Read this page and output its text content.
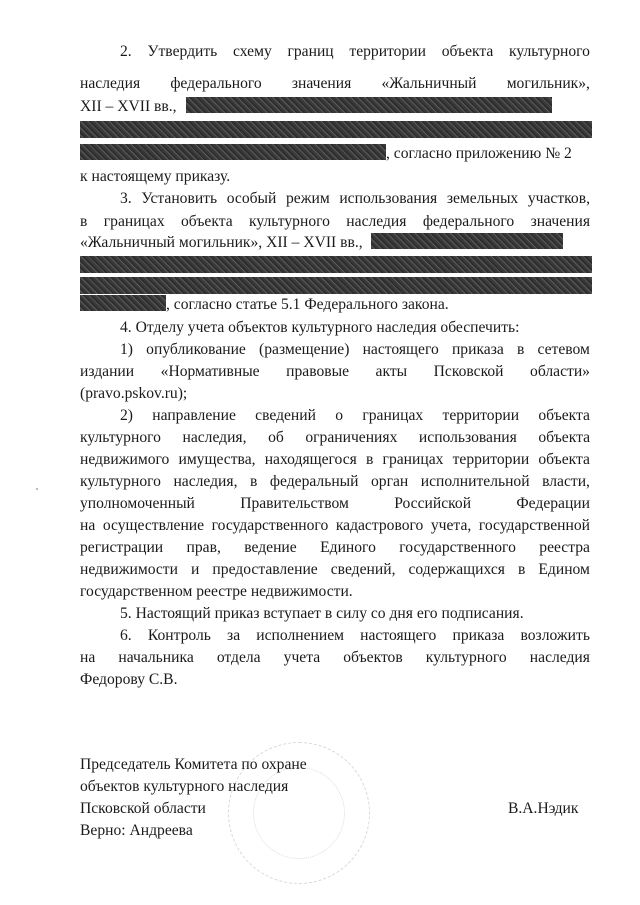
2. Утвердить схему границ территории объекта культурного
наследия федерального значения «Жальничный могильник»,
XII – XVII вв.,
, согласно приложению № 2
к настоящему приказу.
3. Установить особый режим использования земельных участков,
в границах объекта культурного наследия федерального значения
«Жальничный могильник», XII – XVII вв.,
, согласно статье 5.1 Федерального закона.
4. Отделу учета объектов культурного наследия обеспечить:
1) опубликование (размещение) настоящего приказа в сетевом
издании «Нормативные правовые акты Псковской области»
(pravo.pskov.ru);
2) направление сведений о границах территории объекта
культурного наследия, об ограничениях использования объекта
недвижимого имущества, находящегося в границах территории объекта
культурного наследия, в федеральный орган исполнительной власти,
уполномоченный	Правительством	Российской	Федерации
на осуществление государственного кадастрового учета, государственной
регистрации прав, ведение Единого государственного реестра
недвижимости и предоставление сведений, содержащихся в Едином
государственном реестре недвижимости.
5. Настоящий приказ вступает в силу со дня его подписания.
6. Контроль за исполнением настоящего приказа возложить
на начальника отдела учета объектов культурного наследия
Федорову С.В.
Председатель Комитета по охране
объектов культурного наследия
Псковской области	В.А.Нэдик
Верно: Андреева
